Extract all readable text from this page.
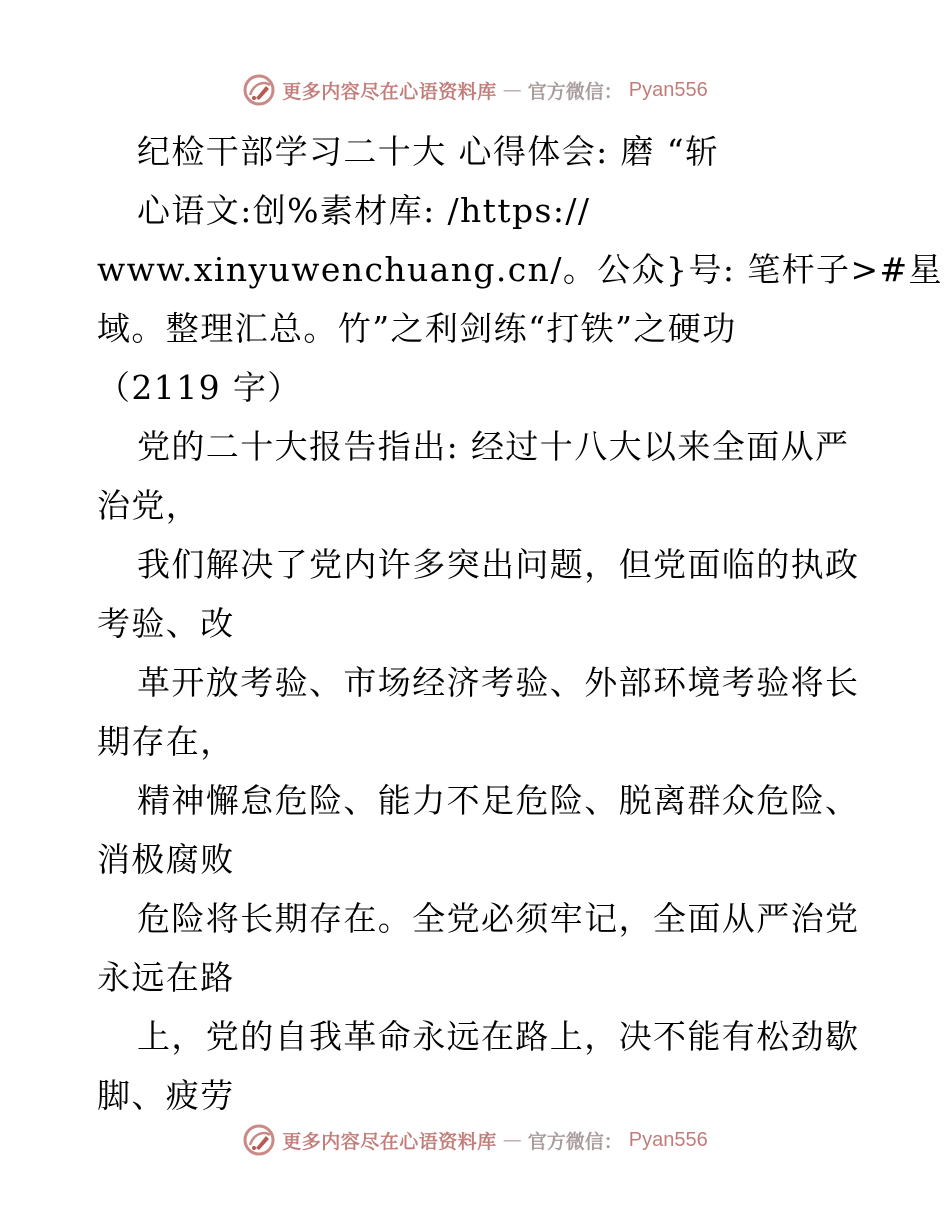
更多内容尽在心语资料库 — 官方微信： Pyan556
纪检干部学习二十大 心得体会: 磨 “斩
心语文:创%素材库: /https://
www.xinyuwenchuang.cn/。公众}号: 笔杆子>#星
域。整理汇总。竹”之利剑练“打铁”之硬功
（2119 字）
党的二十大报告指出: 经过十八大以来全面从严
治党，
我们解决了党内许多突出问题，但党面临的执政
考验、改
革开放考验、市场经济考验、外部环境考验将长
期存在，
精神懈怠危险、能力不足危险、脱离群众危险、
消极腐败
危险将长期存在。全党必须牢记，全面从严治党
永远在路
上，党的自我革命永远在路上，决不能有松劲歇
脚、疲劳
更多内容尽在心语资料库 — 官方微信： Pyan556
